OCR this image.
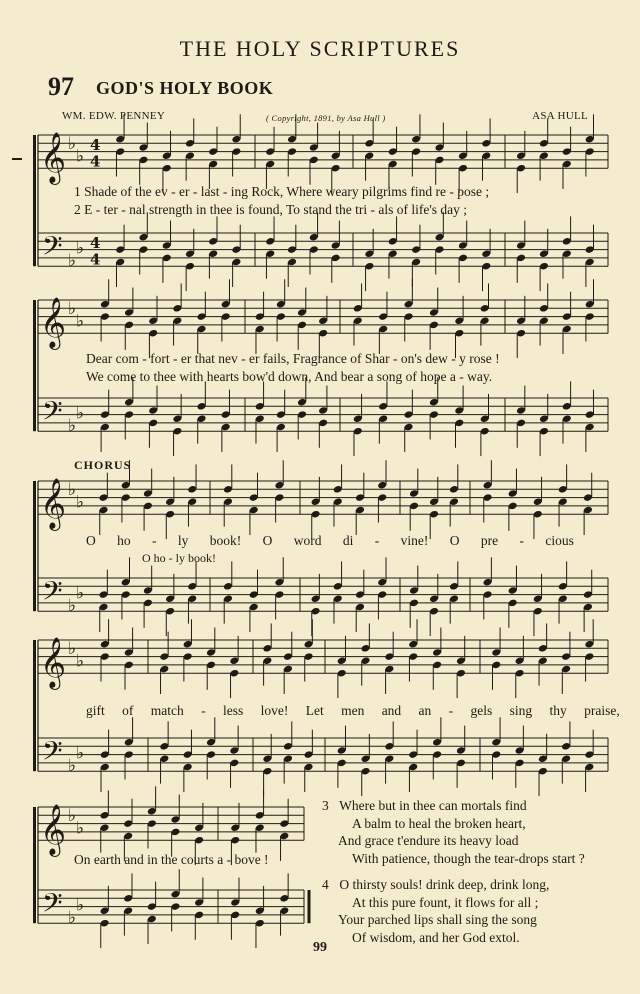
THE HOLY SCRIPTURES
97 GOD'S HOLY BOOK
WM. EDW. PENNEY	( Copyright, 1891, by Asa Hull )	ASA HULL
𝄞
𝄢
♭
♭
♭
♭
4
4
4
4
𝄞
𝄢
♭
♭
♭
♭
𝄞
𝄢
♭
♭
♭
♭
𝄞
𝄢
♭
♭
♭
♭
𝄞
𝄢
♭
♭
♭
♭
1 Shade of the ev - er - last - ing Rock, Where weary pilgrims find re - pose ;
2 E - ter - nal strength in thee is found, To stand the tri - als of life's day ;
Dear com - fort - er that nev - er fails, Fragrance of Shar - on's dew - y rose !
We come to thee with hearts bow'd down, And bear a song of hope a - way.
CHORUS
O ho - ly book! O word di - vine! O pre - cious
O ho - ly book!
gift of match - less love! Let men and an - gels sing thy praise,
On earth and in the courts a - bove !
3 Where but in thee can mortals find
A balm to heal the broken heart,
And grace t'endure its heavy load
With patience, though the tear-drops start ?
4 O thirsty souls! drink deep, drink long,
At this pure fount, it flows for all ;
Your parched lips shall sing the song
Of wisdom, and her God extol.
99
